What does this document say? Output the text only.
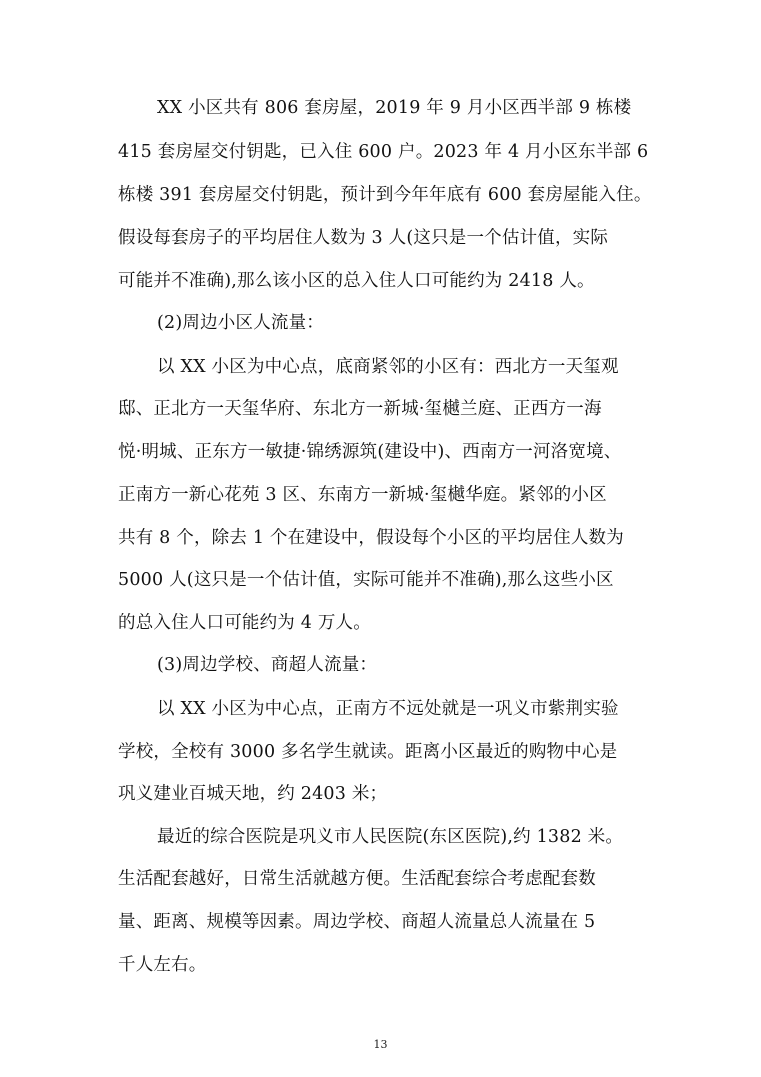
XX 小区共有 806 套房屋，2019 年 9 月小区西半部 9 栋楼
415 套房屋交付钥匙，已入住 600 户。2023 年 4 月小区东半部 6
栋楼 391 套房屋交付钥匙，预计到今年年底有 600 套房屋能入住。
假设每套房子的平均居住人数为 3 人(这只是一个估计值，实际
可能并不准确),那么该小区的总入住人口可能约为 2418 人。
(2)周边小区人流量：
以 XX 小区为中心点，底商紧邻的小区有：西北方一天玺观
邸、正北方一天玺华府、东北方一新城·玺樾兰庭、正西方一海
悦·明城、正东方一敏捷·锦绣源筑(建设中)、西南方一河洛宽境、
正南方一新心花苑 3 区、东南方一新城·玺樾华庭。紧邻的小区
共有 8 个，除去 1 个在建设中，假设每个小区的平均居住人数为
5000 人(这只是一个估计值，实际可能并不准确),那么这些小区
的总入住人口可能约为 4 万人。
(3)周边学校、商超人流量：
以 XX 小区为中心点，正南方不远处就是一巩义市紫荆实验
学校，全校有 3000 多名学生就读。距离小区最近的购物中心是
巩义建业百城天地，约 2403 米；
最近的综合医院是巩义市人民医院(东区医院),约 1382 米。
生活配套越好，日常生活就越方便。生活配套综合考虑配套数
量、距离、规模等因素。周边学校、商超人流量总人流量在 5
千人左右。
13
